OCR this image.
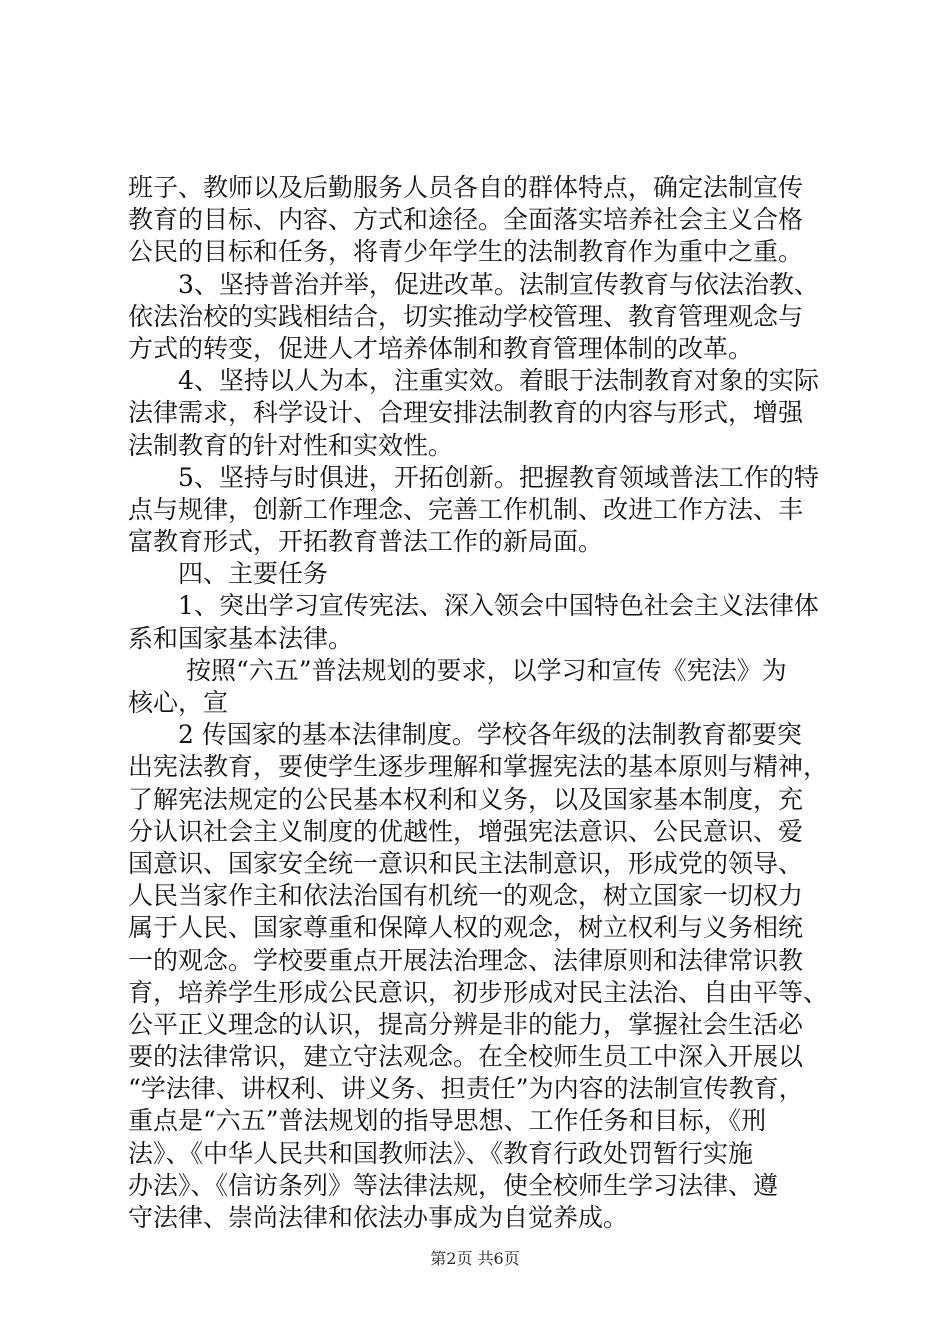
班子、教师以及后勤服务人员各自的群体特点，确定法制宣传
教育的目标、内容、方式和途径。全面落实培养社会主义合格
公民的目标和任务，将青少年学生的法制教育作为重中之重。
3、坚持普治并举，促进改革。法制宣传教育与依法治教、
依法治校的实践相结合，切实推动学校管理、教育管理观念与
方式的转变，促进人才培养体制和教育管理体制的改革。
4、坚持以人为本，注重实效。着眼于法制教育对象的实际
法律需求，科学设计、合理安排法制教育的内容与形式，增强
法制教育的针对性和实效性。
5、坚持与时俱进，开拓创新。把握教育领域普法工作的特
点与规律，创新工作理念、完善工作机制、改进工作方法、丰
富教育形式，开拓教育普法工作的新局面。
四、主要任务
1、突出学习宣传宪法、深入领会中国特色社会主义法律体
系和国家基本法律。
按照“六五”普法规划的要求，以学习和宣传《宪法》为
核心，宣
2 传国家的基本法律制度。学校各年级的法制教育都要突
出宪法教育，要使学生逐步理解和掌握宪法的基本原则与精神，
了解宪法规定的公民基本权利和义务，以及国家基本制度，充
分认识社会主义制度的优越性，增强宪法意识、公民意识、爱
国意识、国家安全统一意识和民主法制意识，形成党的领导、
人民当家作主和依法治国有机统一的观念，树立国家一切权力
属于人民、国家尊重和保障人权的观念，树立权利与义务相统
一的观念。学校要重点开展法治理念、法律原则和法律常识教
育，培养学生形成公民意识，初步形成对民主法治、自由平等、
公平正义理念的认识，提高分辨是非的能力，掌握社会生活必
要的法律常识，建立守法观念。在全校师生员工中深入开展以
“学法律、讲权利、讲义务、担责任”为内容的法制宣传教育，
重点是“六五”普法规划的指导思想、工作任务和目标，《刑
法》、《中华人民共和国教师法》、《教育行政处罚暂行实施
办法》、《信访条列》等法律法规，使全校师生学习法律、遵
守法律、崇尚法律和依法办事成为自觉养成。
第2页 共6页
